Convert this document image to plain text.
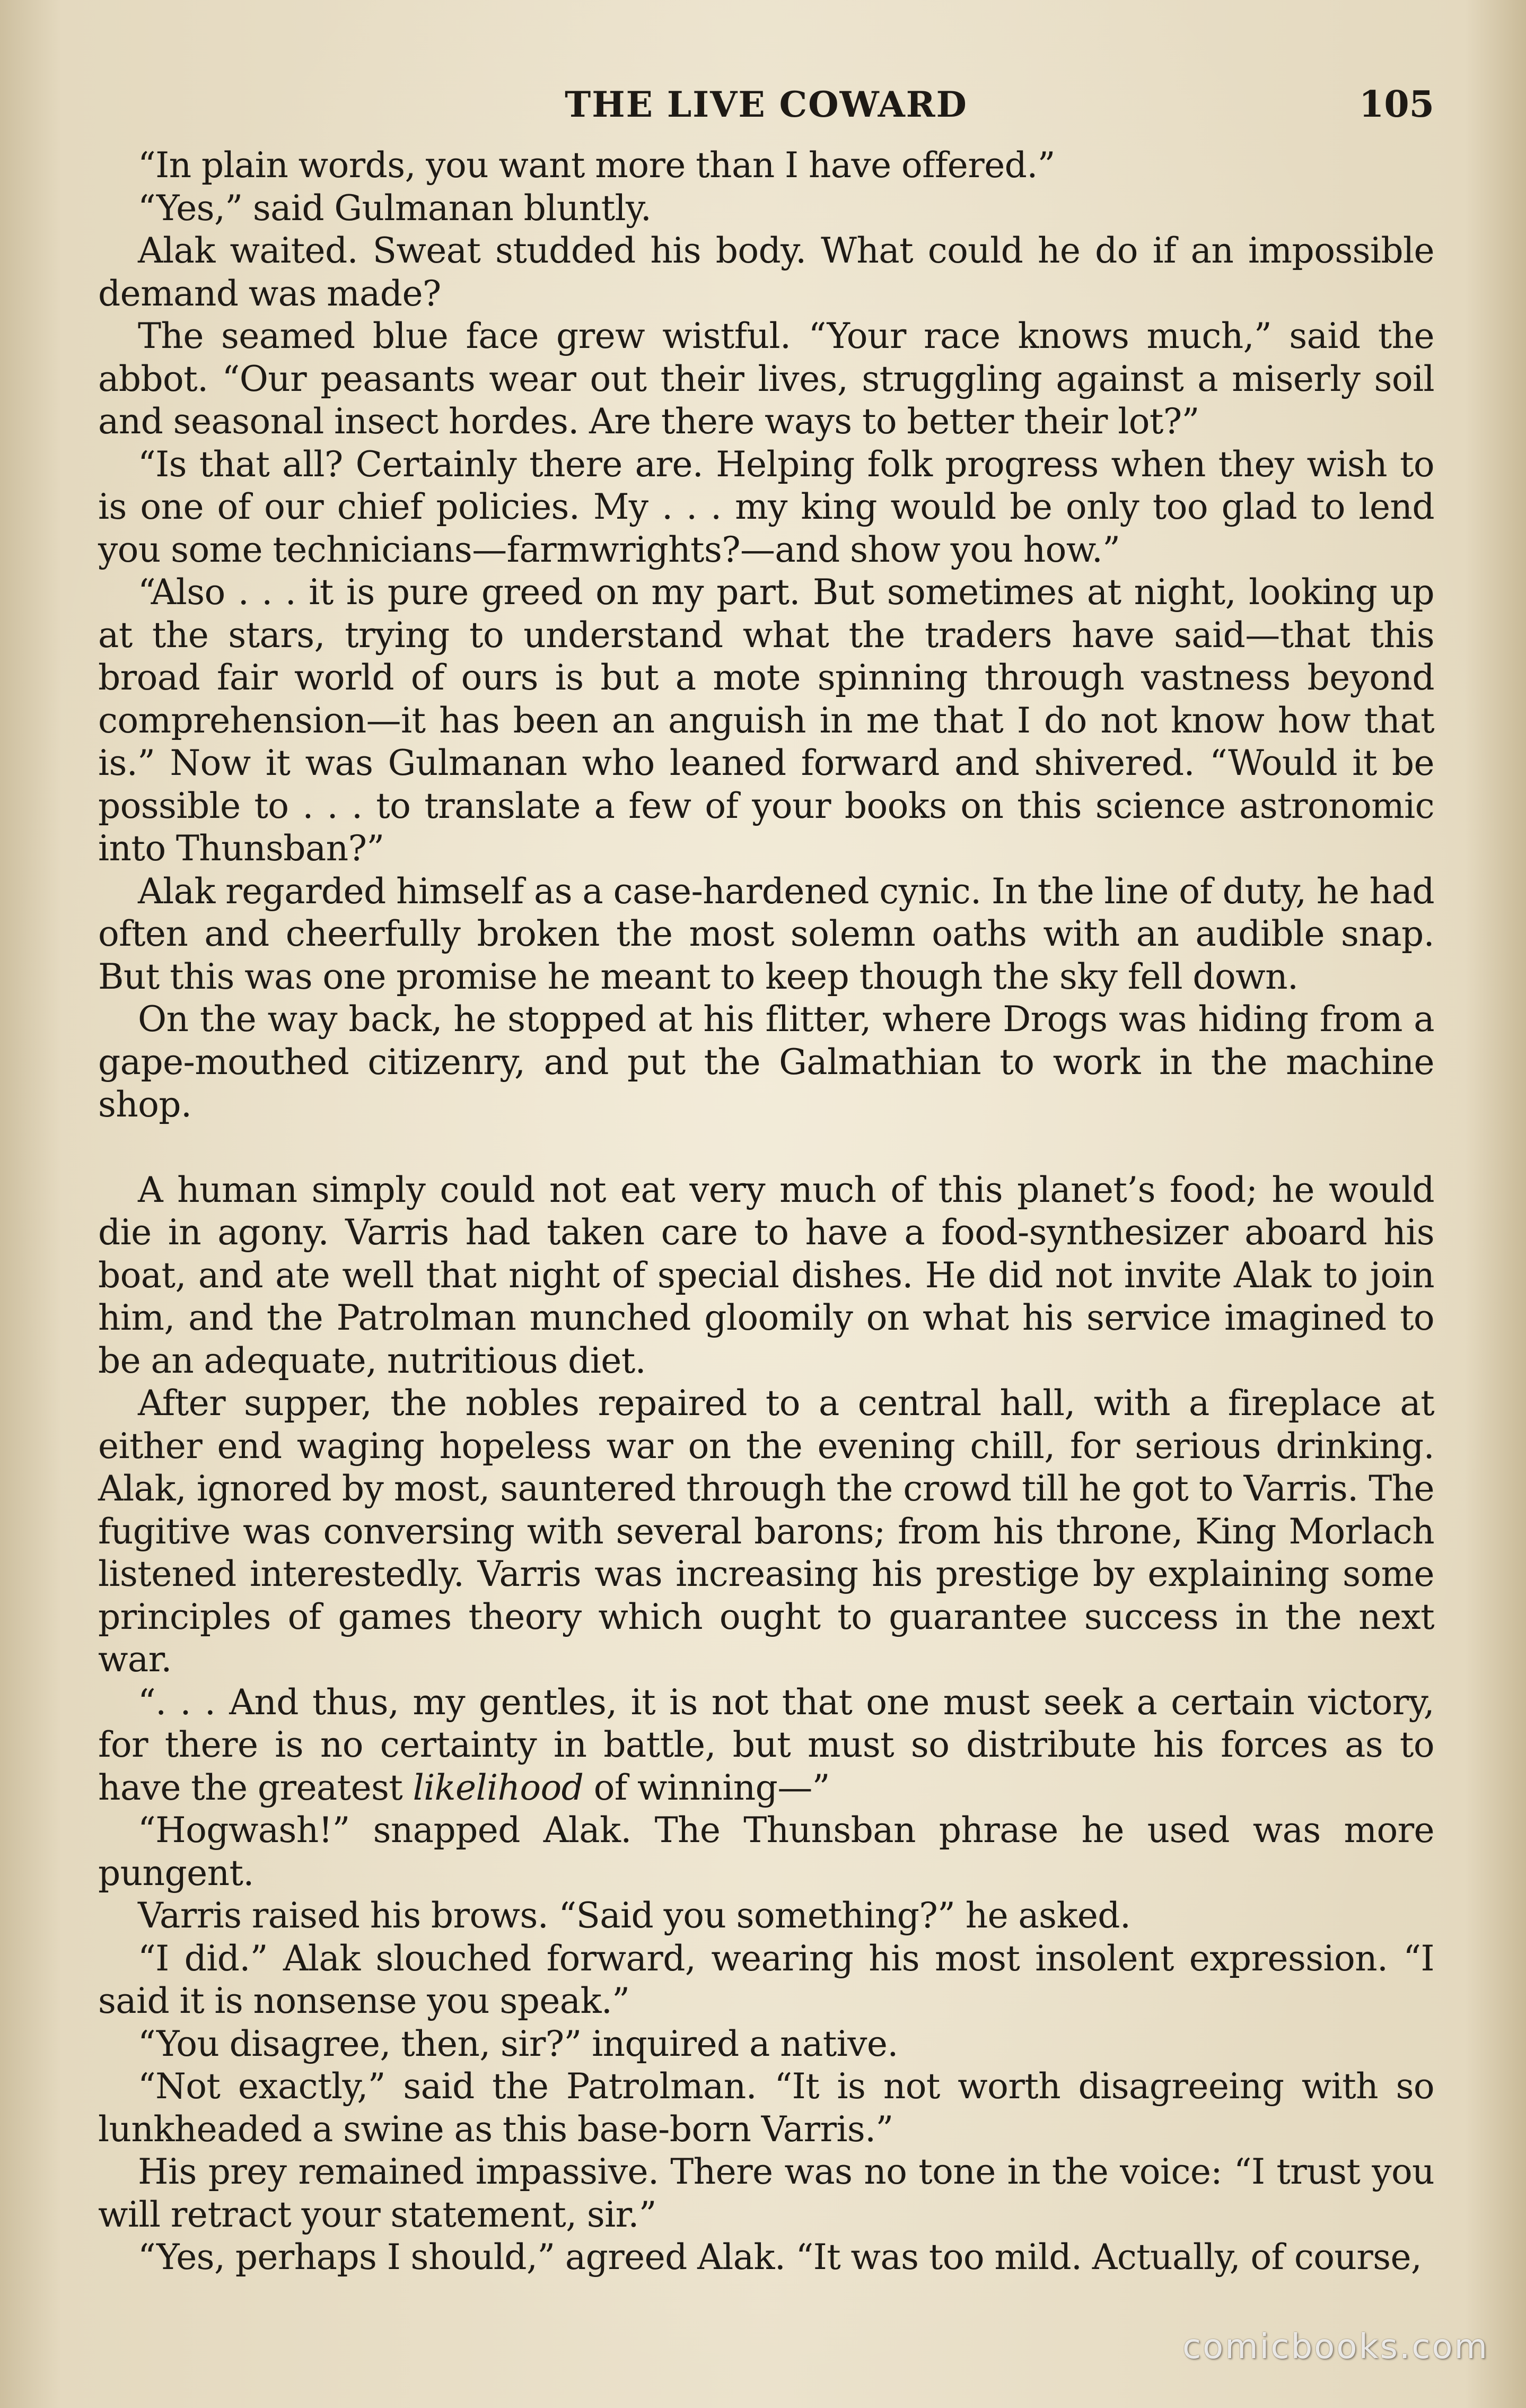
THE LIVE COWARD	105

“In plain words, you want more than I have offered.”

“Yes,” said Gulmanan bluntly.

Alak waited. Sweat studded his body. What could he do if an impossible demand was made?

The seamed blue face grew wistful. “Your race knows much,” said the abbot. “Our peasants wear out their lives, struggling against a miserly soil and seasonal insect hordes. Are there ways to better their lot?”

“Is that all? Certainly there are. Helping folk progress when they wish to is one of our chief policies. My . . . my king would be only too glad to lend you some technicians—farmwrights?—and show you how.”

“Also . . . it is pure greed on my part. But sometimes at night, looking up at the stars, trying to understand what the traders have said—that this broad fair world of ours is but a mote spinning through vastness beyond comprehension—it has been an anguish in me that I do not know how that is.” Now it was Gulmanan who leaned forward and shivered. “Would it be possible to . . . to translate a few of your books on this science astronomic into Thunsban?”

Alak regarded himself as a case-hardened cynic. In the line of duty, he had often and cheerfully broken the most solemn oaths with an audible snap. But this was one promise he meant to keep though the sky fell down.

On the way back, he stopped at his flitter, where Drogs was hiding from a gape-mouthed citizenry, and put the Galmathian to work in the machine shop.

A human simply could not eat very much of this planet’s food; he would die in agony. Varris had taken care to have a food-synthesizer aboard his boat, and ate well that night of special dishes. He did not invite Alak to join him, and the Patrolman munched gloomily on what his service imagined to be an adequate, nutritious diet.

After supper, the nobles repaired to a central hall, with a fireplace at either end waging hopeless war on the evening chill, for serious drinking. Alak, ignored by most, sauntered through the crowd till he got to Varris. The fugitive was conversing with several barons; from his throne, King Morlach listened interestedly. Varris was increasing his prestige by explaining some principles of games theory which ought to guarantee success in the next war.

“. . . And thus, my gentles, it is not that one must seek a certain victory, for there is no certainty in battle, but must so distribute his forces as to have the greatest likelihood of winning—”

“Hogwash!” snapped Alak. The Thunsban phrase he used was more pungent.

Varris raised his brows. “Said you something?” he asked.

“I did.” Alak slouched forward, wearing his most insolent expression. “I said it is nonsense you speak.”

“You disagree, then, sir?” inquired a native.

“Not exactly,” said the Patrolman. “It is not worth disagreeing with so lunkheaded a swine as this base-born Varris.”

His prey remained impassive. There was no tone in the voice: “I trust you will retract your statement, sir.”

“Yes, perhaps I should,” agreed Alak. “It was too mild. Actually, of course,

comicbooks.com
